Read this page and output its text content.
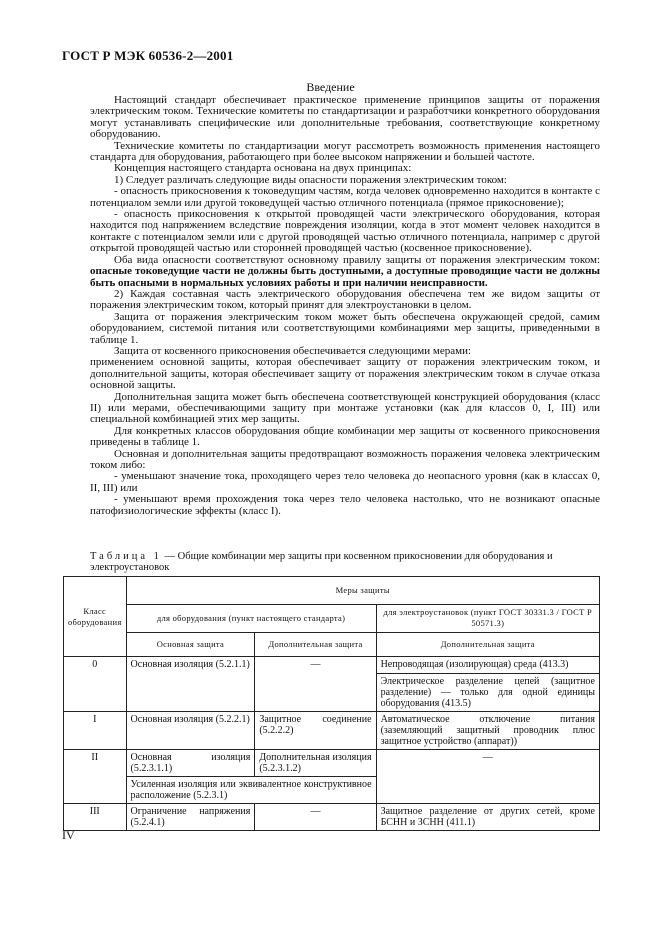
ГОСТ Р МЭК 60536-2—2001
Введение

Настоящий стандарт обеспечивает практическое применение принципов защиты от поражения электрическим током. Технические комитеты по стандартизации и разработчики конкретного оборудования могут устанавливать специфические или дополнительные требования, соответствующие конкретному оборудованию.

Технические комитеты по стандартизации могут рассмотреть возможность применения настоящего стандарта для оборудования, работающего при более высоком напряжении и большей частоте.

Концепция настоящего стандарта основана на двух принципах:

1) Следует различать следующие виды опасности поражения электрическим током:

- опасность прикосновения к токоведущим частям, когда человек одновременно находится в контакте с потенциалом земли или другой токоведущей частью отличного потенциала (прямое прикосновение);

- опасность прикосновения к открытой проводящей части электрического оборудования, которая находится под напряжением вследствие повреждения изоляции, когда в этот момент человек находится в контакте с потенциалом земли или с другой проводящей частью отличного потенциала, например с другой открытой проводящей частью или сторонней проводящей частью (косвенное прикосновение).

Оба вида опасности соответствуют основному правилу защиты от поражения электрическим током: опасные токоведущие части не должны быть доступными, а доступные проводящие части не должны быть опасными в нормальных условиях работы и при наличии неисправности.

2) Каждая составная часть электрического оборудования обеспечена тем же видом защиты от поражения электрическим током, который принят для электроустановки в целом.

Защита от поражения электрическим током может быть обеспечена окружающей средой, самим оборудованием, системой питания или соответствующими комбинациями мер защиты, приведенными в таблице 1.

Защита от косвенного прикосновения обеспечивается следующими мерами:

применением основной защиты, которая обеспечивает защиту от поражения электрическим током, и дополнительной защиты, которая обеспечивает защиту от поражения электрическим током в случае отказа основной защиты.

Дополнительная защита может быть обеспечена соответствующей конструкцией оборудования (класс II) или мерами, обеспечивающими защиту при монтаже установки (как для классов 0, I, III) или специальной комбинацией этих мер защиты.

Для конкретных классов оборудования общие комбинации мер защиты от косвенного прикосновения приведены в таблице 1.

Основная и дополнительная защиты предотвращают возможность поражения человека электрическим током либо:

- уменьшают значение тока, проходящего через тело человека до неопасного уровня (как в классах 0, II, III) или

- уменьшают время прохождения тока через тело человека настолько, что не возникают опасные патофизиологические эффекты (класс I).

Таблица 1 — Общие комбинации мер защиты при косвенном прикосновении для оборудования и электроустановок
Класс оборудования	Меры защиты		
	для оборудования (пункт настоящего стандарта)		для электроустановок (пункт ГОСТ 30331.3 / ГОСТ Р 50571.3)
	Основная защита	Дополнительная защита	Дополнительная защита
0	Основная изоляция (5.2.1.1)	—	Непроводящая (изолирующая) среда (413.3)
Электрическое разделение цепей (защитное разделение) — только для одной единицы оборудования (413.5)

I	Основная изоляция (5.2.2.1)	Защитное соединение (5.2.2.2)	Автоматическое отключение питания (заземляющий защитный проводник плюс защитное устройство (аппарат))
II	Основная изоляция (5.2.3.1.1)	Дополнительная изоляция (5.2.3.1.2)	—
	Усиленная изоляция или эквивалентное конструктивное расположение (5.2.3.1)		
III	Ограничение напряжения (5.2.4.1)	—	Защитное разделение от других сетей, кроме БСНН и ЗСНН (411.1)
IV
